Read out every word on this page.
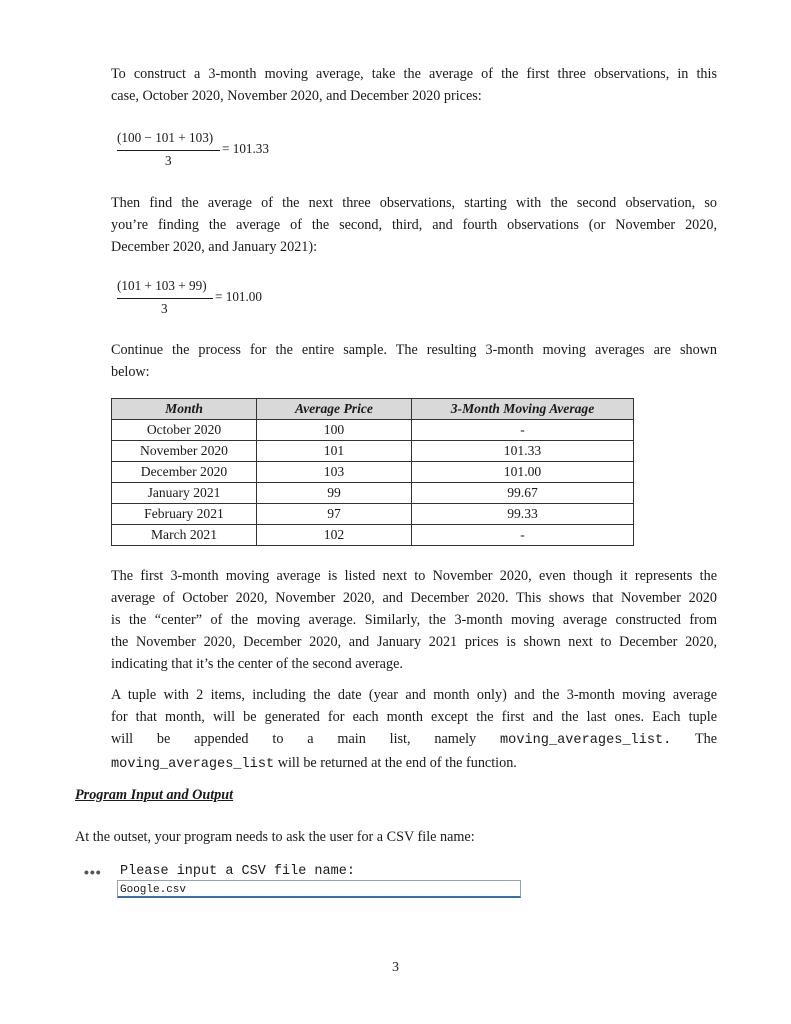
To construct a 3-month moving average, take the average of the first three observations, in this
case, October 2020, November 2020, and December 2020 prices:
(100 − 101 + 103)
3
= 101.33
Then find the average of the next three observations, starting with the second observation, so
you’re finding the average of the second, third, and fourth observations (or November 2020,
December 2020, and January 2021):
(101 + 103 + 99)
3
= 101.00
Continue the process for the entire sample. The resulting 3-month moving averages are shown
below:
Month	Average Price	3-Month Moving Average
October 2020	100	-
November 2020	101	101.33
December 2020	103	101.00
January 2021	99	99.67
February 2021	97	99.33
March 2021	102	-
The first 3-month moving average is listed next to November 2020, even though it represents the
average of October 2020, November 2020, and December 2020. This shows that November 2020
is the “center” of the moving average. Similarly, the 3-month moving average constructed from
the November 2020, December 2020, and January 2021 prices is shown next to December 2020,
indicating that it’s the center of the second average.
A tuple with 2 items, including the date (year and month only) and the 3-month moving average
for that month, will be generated for each month except the first and the last ones. Each tuple
will be appended to a main list, namely moving_averages_list. The
moving_averages_list will be returned at the end of the function.
Program Input and Output
At the outset, your program needs to ask the user for a CSV file name:
••• Please input a CSV file name:
Google.csv
3
